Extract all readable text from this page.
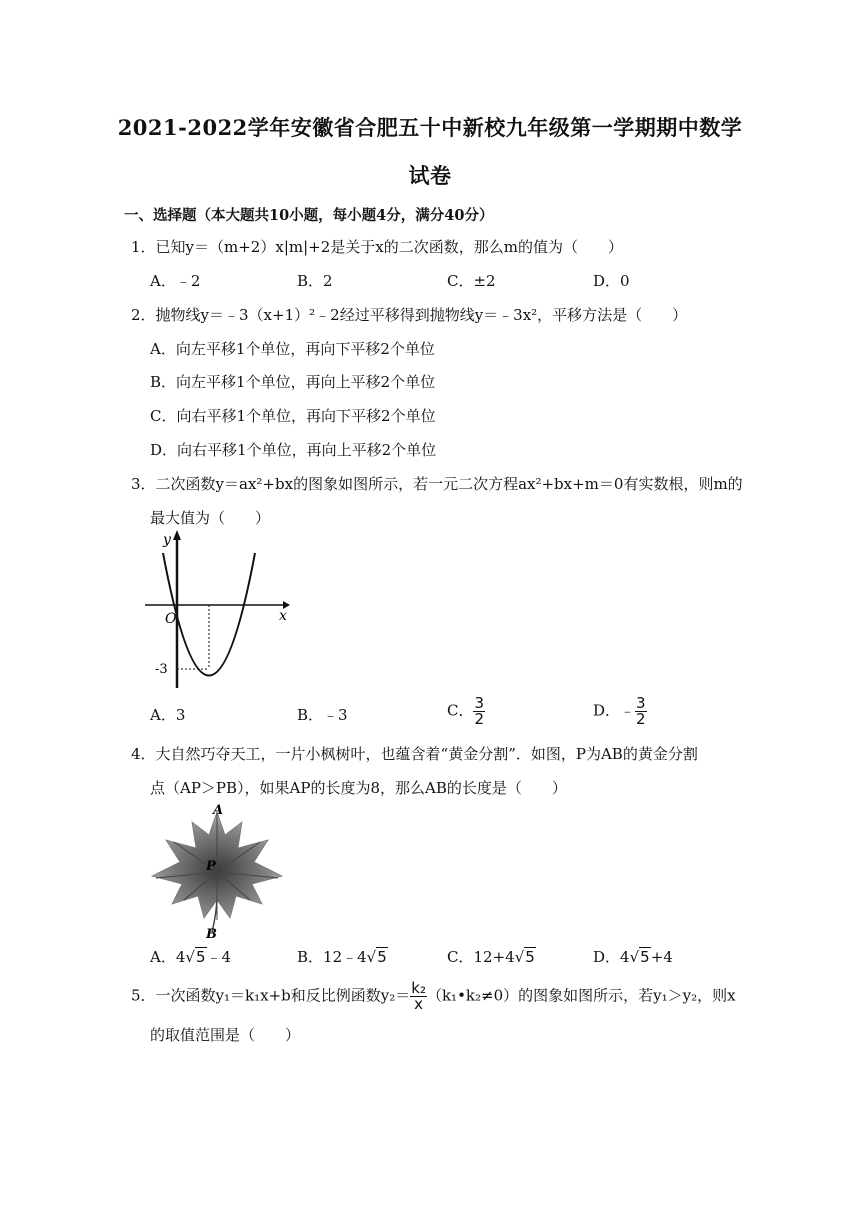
2021-2022学年安徽省合肥五十中新校九年级第一学期期中数学
试卷
一、选择题（本大题共10小题，每小题4分，满分40分）
1．已知y＝（m+2）x|m|+2是关于x的二次函数，那么m的值为（　　）
A．﹣2	B．2	C．±2	D．0
2．抛物线y＝﹣3（x+1）²﹣2经过平移得到抛物线y＝﹣3x²，平移方法是（　　）
A．向左平移1个单位，再向下平移2个单位
B．向左平移1个单位，再向上平移2个单位
C．向右平移1个单位，再向下平移2个单位
D．向右平移1个单位，再向上平移2个单位
3．二次函数y＝ax²+bx的图象如图所示，若一元二次方程ax²+bx+m＝0有实数根，则m的
最大值为（　　）
y
x
O
-3
A．3	B．﹣3	C． $\frac{3}{2}$	D．﹣ $\frac{3}{2}$
4．大自然巧夺天工，一片小枫树叶，也蕴含着“黄金分割”．如图，P为AB的黄金分割
点（AP＞PB），如果AP的长度为8，那么AB的长度是（　　）
A
P
B
A．4√5﹣4	B．12﹣4√5	C．12+4√5	D．4√5+4
5．一次函数y₁＝k₁x+b和反比例函数$y_2= \frac{\text{k₂}}{x}$ （k₁•k₂≠0）的图象如图所示，若y₁＞y₂，则x
的取值范围是（　　）
